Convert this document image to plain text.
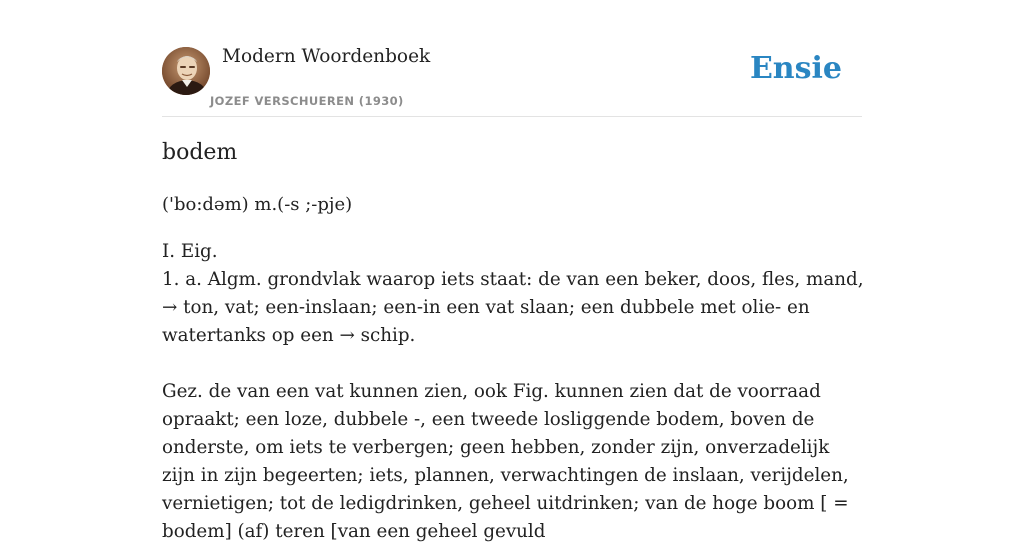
Modern Woordenboek
JOZEF VERSCHUEREN (1930)
Ensie
bodem
('bo:dəm) m.(-s ;-pje)

I. Eig.

1. a. Algm. grondvlak waarop iets staat: de van een beker, doos, fles, mand, → ton, vat; een-inslaan; een-in een vat slaan; een dubbele met olie- en watertanks op een → schip.

Gez. de van een vat kunnen zien, ook Fig. kunnen zien dat de voorraad opraakt; een loze, dubbele -, een tweede losliggende bodem, boven de onderste, om iets te verbergen; geen hebben, zonder zijn, onverzadelijk zijn in zijn begeerten; iets, plannen, verwachtingen de inslaan, verijdelen, vernietigen; tot de ledigdrinken, geheel uitdrinken; van de hoge boom [ = bodem] (af) teren [van een geheel gevuld
